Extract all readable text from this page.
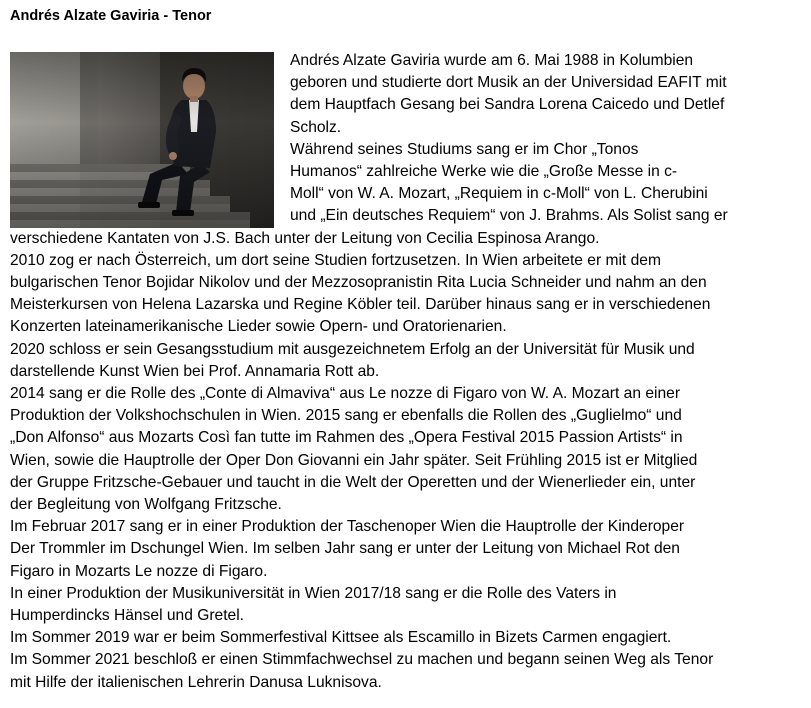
Andrés Alzate Gaviria - Tenor
Andrés Alzate Gaviria wurde am 6. Mai 1988 in Kolumbien
geboren und studierte dort Musik an der Universidad EAFIT mit
dem Hauptfach Gesang bei Sandra Lorena Caicedo und Detlef
Scholz.
Während seines Studiums sang er im Chor „Tonos
Humanos“ zahlreiche Werke wie die „Große Messe in c-
Moll“ von W. A. Mozart, „Requiem in c-Moll“ von L. Cherubini
und „Ein deutsches Requiem“ von J. Brahms. Als Solist sang er
verschiedene Kantaten von J.S. Bach unter der Leitung von Cecilia Espinosa Arango.
2010 zog er nach Österreich, um dort seine Studien fortzusetzen. In Wien arbeitete er mit dem
bulgarischen Tenor Bojidar Nikolov und der Mezzosopranistin Rita Lucia Schneider und nahm an den
Meisterkursen von Helena Lazarska und Regine Köbler teil. Darüber hinaus sang er in verschiedenen
Konzerten lateinamerikanische Lieder sowie Opern- und Oratorienarien.
2020 schloss er sein Gesangsstudium mit ausgezeichnetem Erfolg an der Universität für Musik und
darstellende Kunst Wien bei Prof. Annamaria Rott ab.
2014 sang er die Rolle des „Conte di Almaviva“ aus Le nozze di Figaro von W. A. Mozart an einer
Produktion der Volkshochschulen in Wien. 2015 sang er ebenfalls die Rollen des „Guglielmo“ und
„Don Alfonso“ aus Mozarts Così fan tutte im Rahmen des „Opera Festival 2015 Passion Artists“ in
Wien, sowie die Hauptrolle der Oper Don Giovanni ein Jahr später. Seit Frühling 2015 ist er Mitglied
der Gruppe Fritzsche-Gebauer und taucht in die Welt der Operetten und der Wienerlieder ein, unter
der Begleitung von Wolfgang Fritzsche.
Im Februar 2017 sang er in einer Produktion der Taschenoper Wien die Hauptrolle der Kinderoper
Der Trommler im Dschungel Wien. Im selben Jahr sang er unter der Leitung von Michael Rot den
Figaro in Mozarts Le nozze di Figaro.
In einer Produktion der Musikuniversität in Wien 2017/18 sang er die Rolle des Vaters in
Humperdincks Hänsel und Gretel.
Im Sommer 2019 war er beim Sommerfestival Kittsee als Escamillo in Bizets Carmen engagiert.
Im Sommer 2021 beschloß er einen Stimmfachwechsel zu machen und begann seinen Weg als Tenor
mit Hilfe der italienischen Lehrerin Danusa Luknisova.
